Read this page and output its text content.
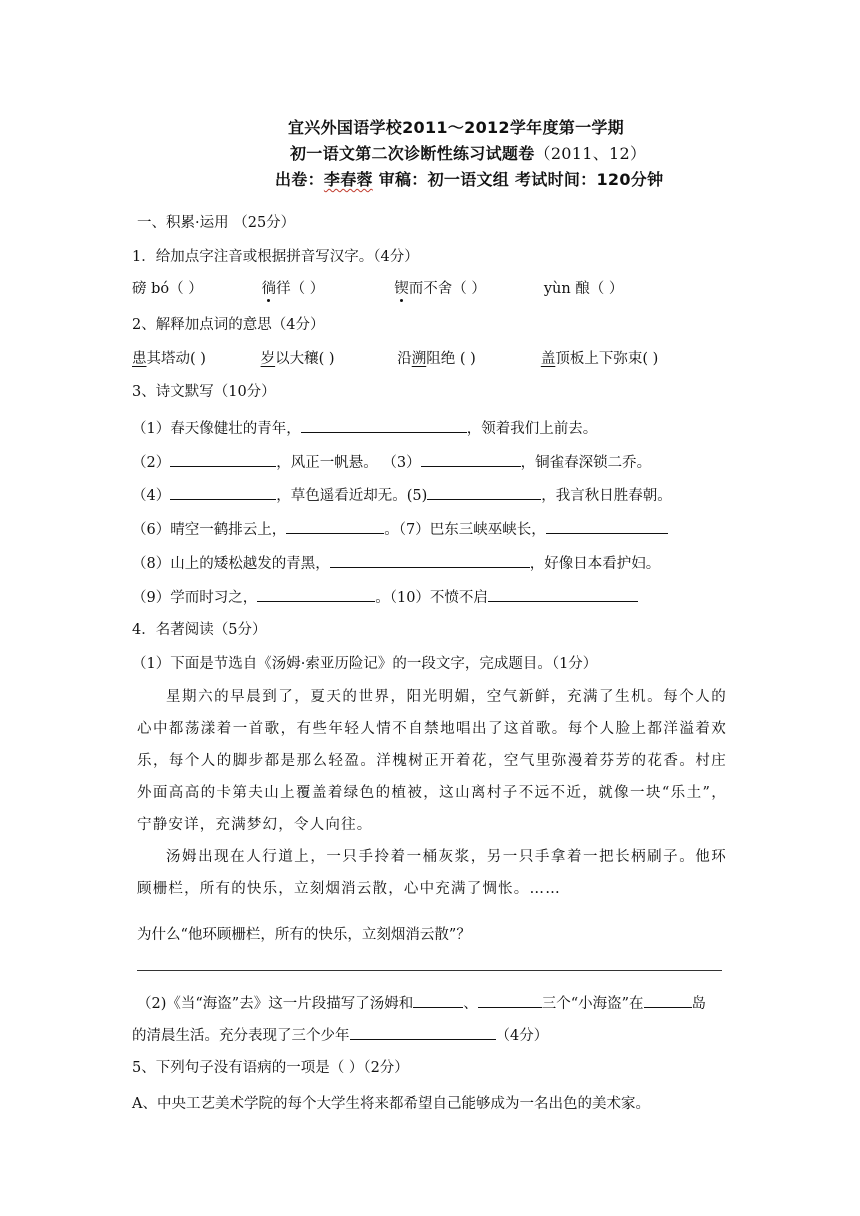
宜兴外国语学校2011～2012学年度第一学期
初一语文第二次诊断性练习试题卷（2011、12）
出卷：李春蓉 审稿：初一语文组 考试时间：120分钟
一、积累·运用 （25分）
1．给加点字注音或根据拼音写汉字。（4分）
磅 bó（ ）	徜徉（ ）	锲而不舍（ ）	yùn 酿（ ）
2、解释加点词的意思（4分）
患其塔动( )	岁以大穰( )	沿溯阻绝 ( )	盖顶板上下弥束( )
3、诗文默写（10分）
（1）春天像健壮的青年，	，领着我们上前去。
（2）	，风正一帆悬。 （3）	，铜雀春深锁二乔。
（4）	，草色遥看近却无。(5)	，我言秋日胜春朝。
（6）晴空一鹤排云上，	。（7）巴东三峡巫峡长，
（8）山上的矮松越发的青黑，	，好像日本看护妇。
（9）学而时习之，	。（10）不愤不启
4．名著阅读（5分）
（1）下面是节选自《汤姆·索亚历险记》的一段文字，完成题目。（1分）

星期六的早晨到了，夏天的世界，阳光明媚，空气新鲜，充满了生机。每个人的心中都荡漾着一首歌，有些年轻人情不自禁地唱出了这首歌。每个人脸上都洋溢着欢乐，每个人的脚步都是那么轻盈。洋槐树正开着花，空气里弥漫着芬芳的花香。村庄外面高高的卡第夫山上覆盖着绿色的植被，这山离村子不远不近，就像一块“乐土”，宁静安详，充满梦幻，令人向往。

汤姆出现在人行道上，一只手拎着一桶灰浆，另一只手拿着一把长柄刷子。他环顾栅栏，所有的快乐，立刻烟消云散，心中充满了惆怅。……

为什么“他环顾栅栏，所有的快乐，立刻烟消云散”？
（2)《当“海盗”去》这一片段描写了汤姆和	、	三个“小海盗”在	岛
的清晨生活。充分表现了三个少年	（4分）
5、下列句子没有语病的一项是（ ）（2分）
A、中央工艺美术学院的每个大学生将来都希望自己能够成为一名出色的美术家。
